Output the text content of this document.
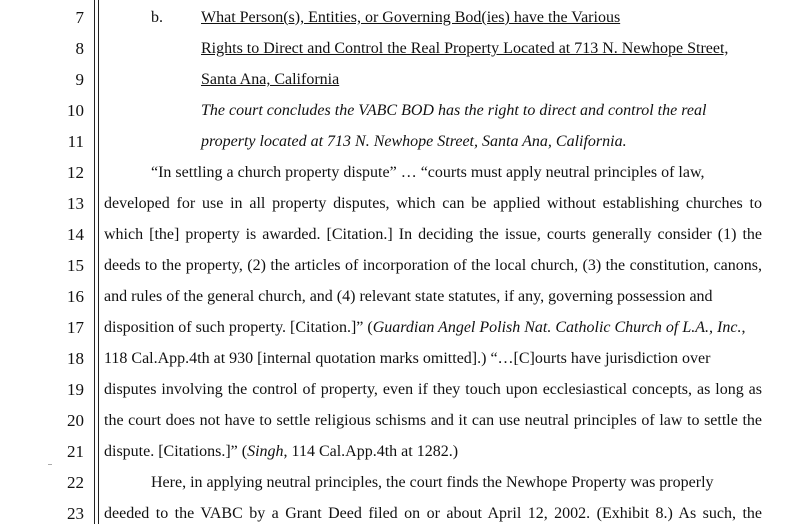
7
8
9
10
11
12
13
14
15
16
17
18
19
20
21
22
23
b. What Person(s), Entities, or Governing Bod(ies) have the Various
Rights to Direct and Control the Real Property Located at 713 N. Newhope Street,
Santa Ana, California
The court concludes the VABC BOD has the right to direct and control the real
property located at 713 N. Newhope Street, Santa Ana, California.
“In settling a church property dispute” … “courts must apply neutral principles of law,
developed for use in all property disputes, which can be applied without establishing churches to
which [the] property is awarded. [Citation.] In deciding the issue, courts generally consider (1) the
deeds to the property, (2) the articles of incorporation of the local church, (3) the constitution, canons,
and rules of the general church, and (4) relevant state statutes, if any, governing possession and
disposition of such property. [Citation.]” (Guardian Angel Polish Nat. Catholic Church of L.A., Inc.,
118 Cal.App.4th at 930 [internal quotation marks omitted].) “…[C]ourts have jurisdiction over
disputes involving the control of property, even if they touch upon ecclesiastical concepts, as long as
the court does not have to settle religious schisms and it can use neutral principles of law to settle the
dispute. [Citations.]” (Singh, 114 Cal.App.4th at 1282.)
Here, in applying neutral principles, the court finds the Newhope Property was properly
deeded to the VABC by a Grant Deed filed on or about April 12, 2002. (Exhibit 8.) As such, the
